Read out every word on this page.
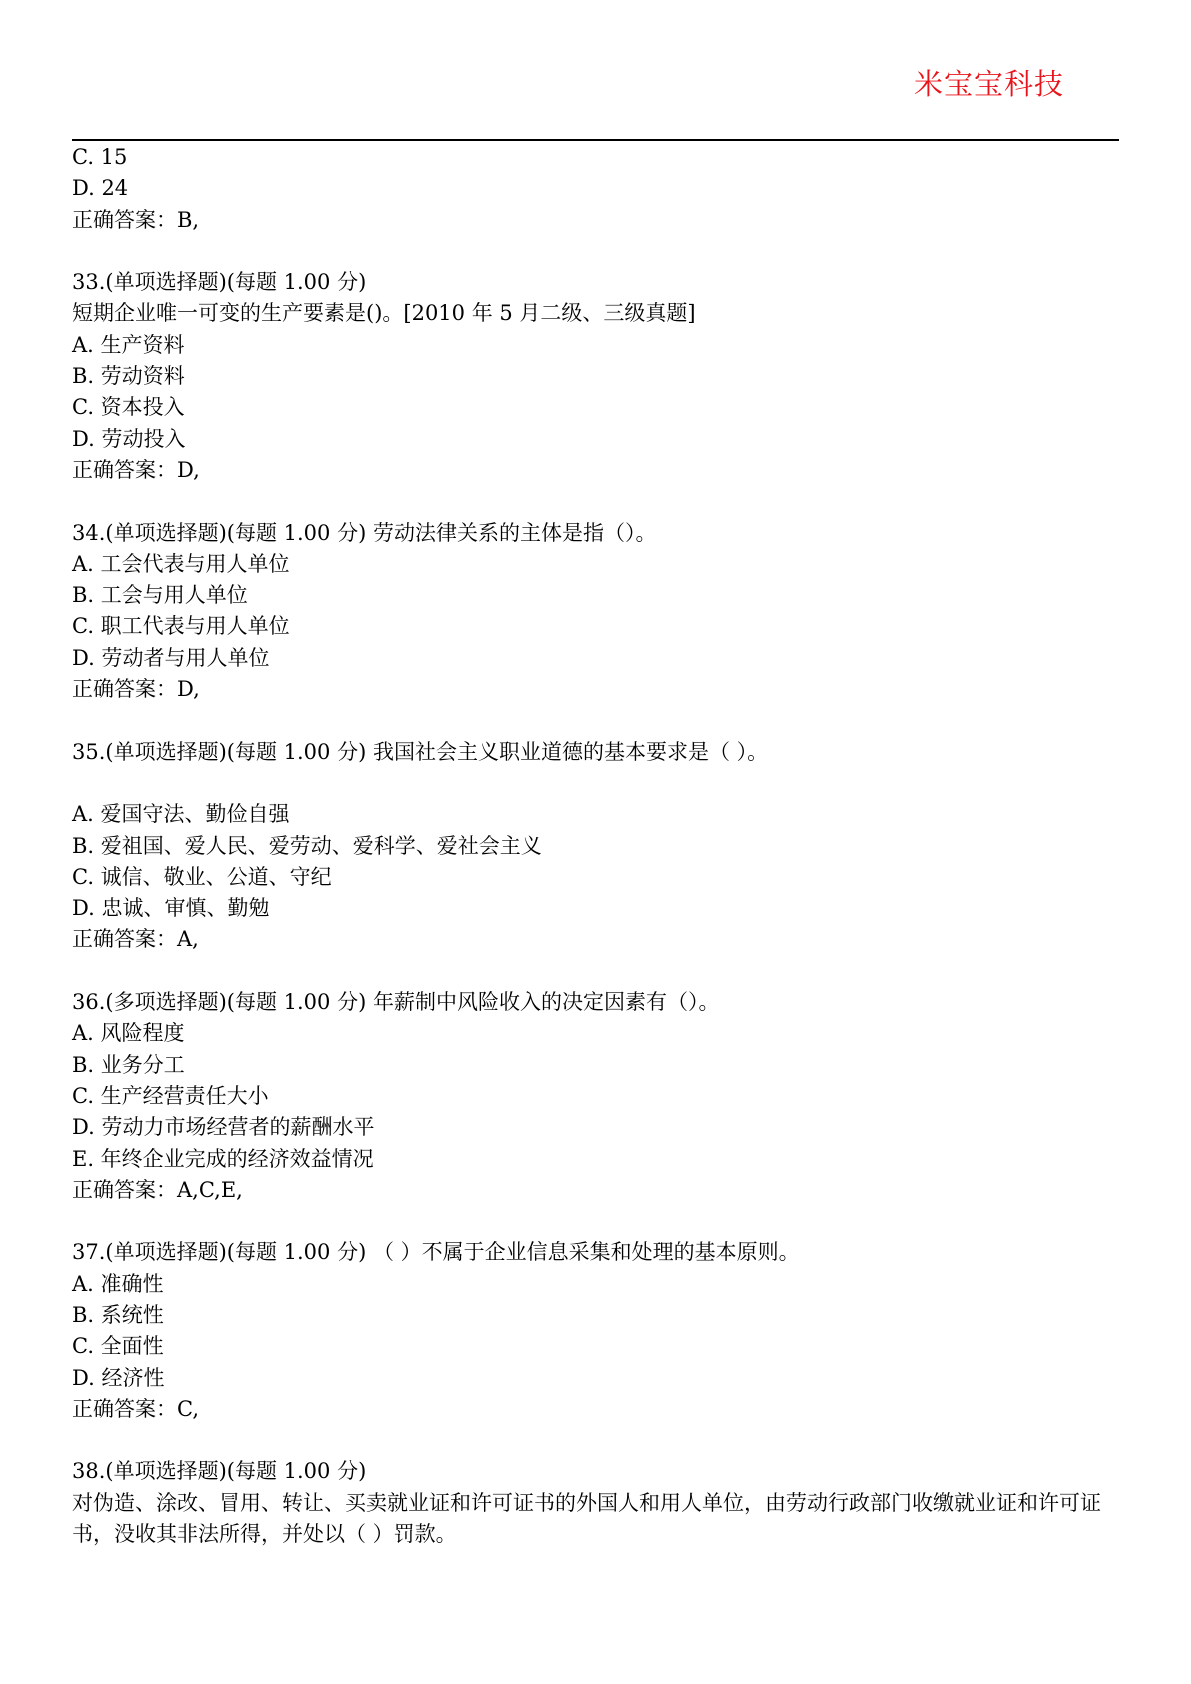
米宝宝科技
C. 15
D. 24
正确答案：B,
33.(单项选择题)(每题 1.00 分)
短期企业唯一可变的生产要素是()。[2010 年 5 月二级、三级真题]
A. 生产资料
B. 劳动资料
C. 资本投入
D. 劳动投入
正确答案：D,
34.(单项选择题)(每题 1.00 分) 劳动法律关系的主体是指（）。
A. 工会代表与用人单位
B. 工会与用人单位
C. 职工代表与用人单位
D. 劳动者与用人单位
正确答案：D,
35.(单项选择题)(每题 1.00 分) 我国社会主义职业道德的基本要求是（ ）。
A. 爱国守法、勤俭自强
B. 爱祖国、爱人民、爱劳动、爱科学、爱社会主义
C. 诚信、敬业、公道、守纪
D. 忠诚、审慎、勤勉
正确答案：A,
36.(多项选择题)(每题 1.00 分) 年薪制中风险收入的决定因素有（）。
A. 风险程度
B. 业务分工
C. 生产经营责任大小
D. 劳动力市场经营者的薪酬水平
E. 年终企业完成的经济效益情况
正确答案：A,C,E,
37.(单项选择题)(每题 1.00 分) （ ）不属于企业信息采集和处理的基本原则。
A. 准确性
B. 系统性
C. 全面性
D. 经济性
正确答案：C,
38.(单项选择题)(每题 1.00 分)
对伪造、涂改、冒用、转让、买卖就业证和许可证书的外国人和用人单位，由劳动行政部门收缴就业证和许可证书，没收其非法所得，并处以（ ）罚款。
